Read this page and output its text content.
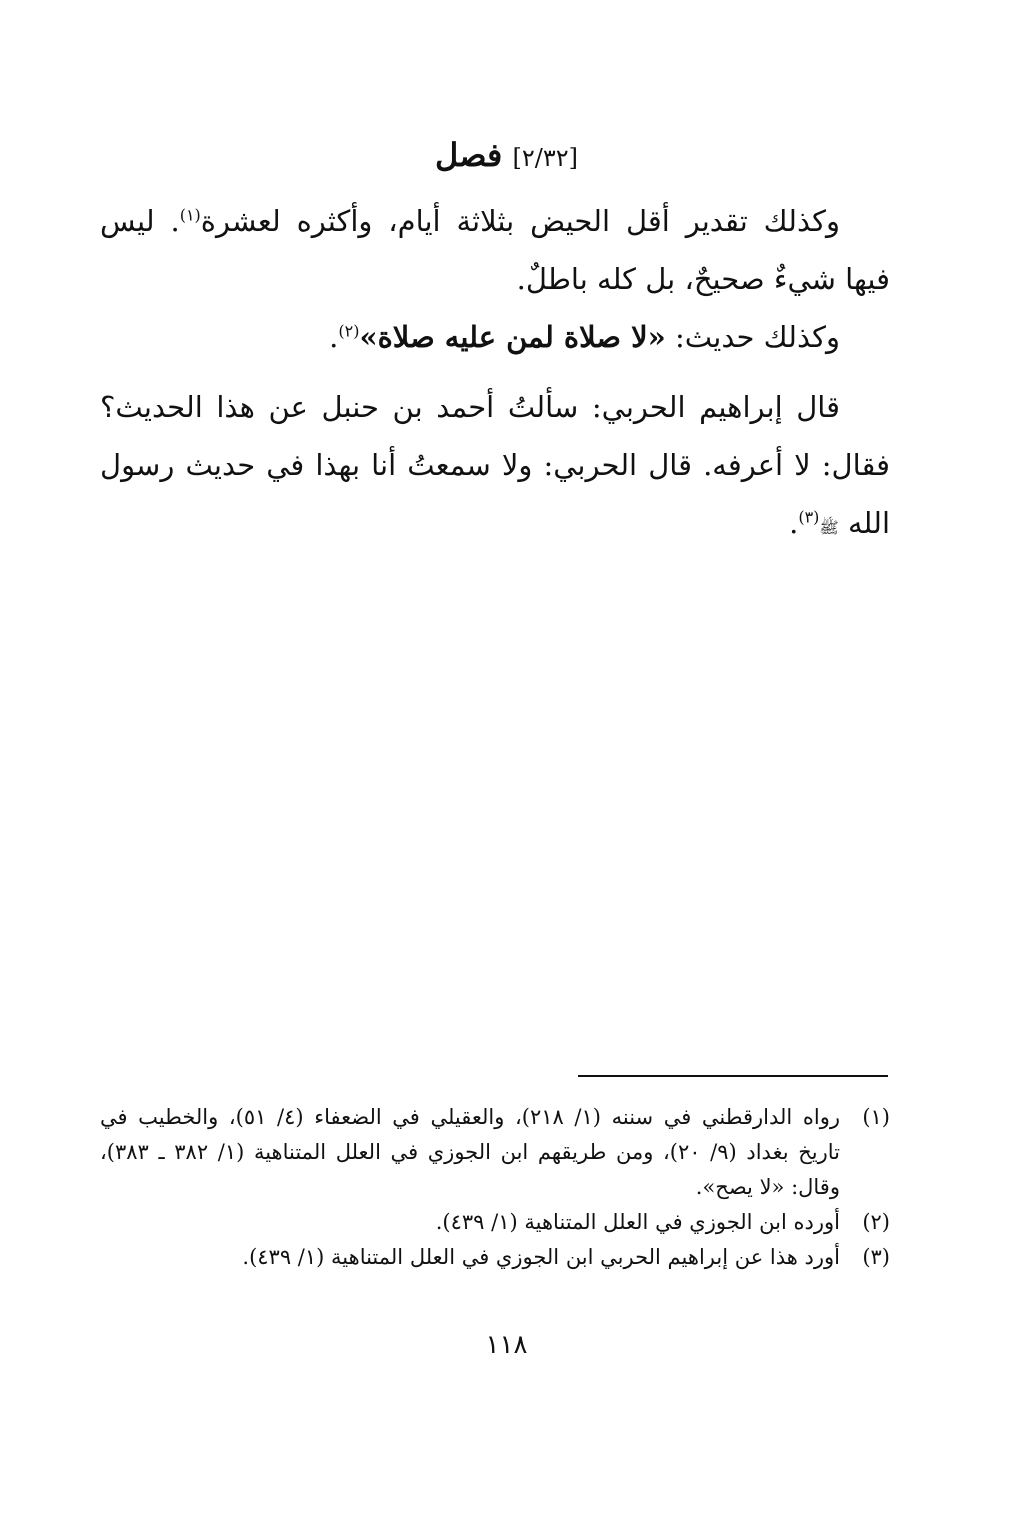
[٢/٣٢] فصل

وكذلك تقدير أقل الحيض بثلاثة أيام، وأكثره لعشرة$^{(١)}$. ليس فيها شيءٌ صحيحٌ، بل كله باطلٌ.

وكذلك حديث: «لا صلاة لمن عليه صلاة»$^{(٢)}$.

قال إبراهيم الحربي: سألتُ أحمد بن حنبل عن هذا الحديث؟ فقال: لا أعرفه. قال الحربي: ولا سمعتُ أنا بهذا في حديث رسول الله ﷺ$^{(٣)}$.

(١)
رواه الدارقطني في سننه (١/ ٢١٨)، والعقيلي في الضعفاء (٤/ ٥١)، والخطيب في تاريخ بغداد (٩/ ٢٠)، ومن طريقهم ابن الجوزي في العلل المتناهية (١/ ٣٨٢ ـ ٣٨٣)، وقال: «لا يصح».
(٢)
أورده ابن الجوزي في العلل المتناهية (١/ ٤٣٩).
(٣)
أورد هذا عن إبراهيم الحربي ابن الجوزي في العلل المتناهية (١/ ٤٣٩).
١١٨
